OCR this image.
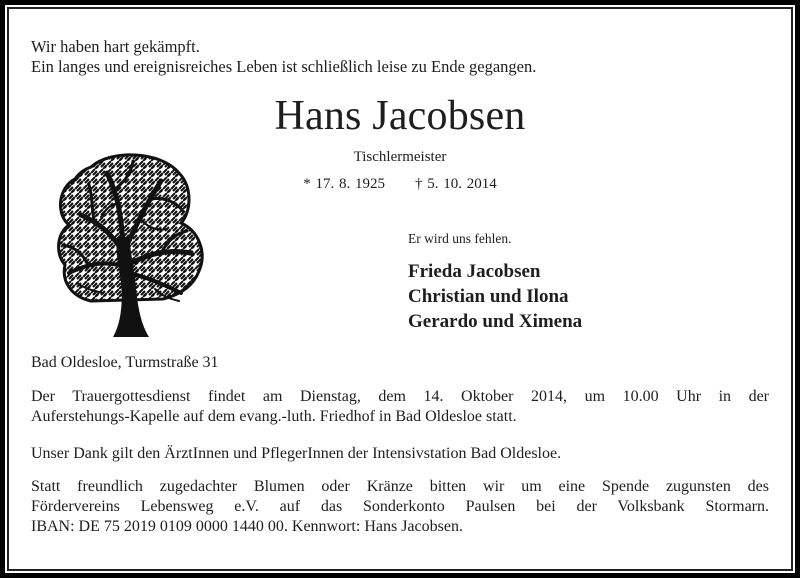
Wir haben hart gekämpft.
Ein langes und ereignisreiches Leben ist schließlich leise zu Ende gegangen.
Hans Jacobsen
Tischlermeister
* 17. 8. 1925 † 5. 10. 2014
Er wird uns fehlen.
Frieda Jacobsen
Christian und Ilona
Gerardo und Ximena
Bad Oldesloe, Turmstraße 31
Der Trauergottesdienst findet am Dienstag, dem 14. Oktober 2014, um 10.00 Uhr in der
Auferstehungs-Kapelle auf dem evang.-luth. Friedhof in Bad Oldesloe statt.
Unser Dank gilt den ÄrztInnen und PflegerInnen der Intensivstation Bad Oldesloe.
Statt freundlich zugedachter Blumen oder Kränze bitten wir um eine Spende zugunsten des
Fördervereins Lebensweg e.V. auf das Sonderkonto Paulsen bei der Volksbank Stormarn.
IBAN: DE 75 2019 0109 0000 1440 00. Kennwort: Hans Jacobsen.
